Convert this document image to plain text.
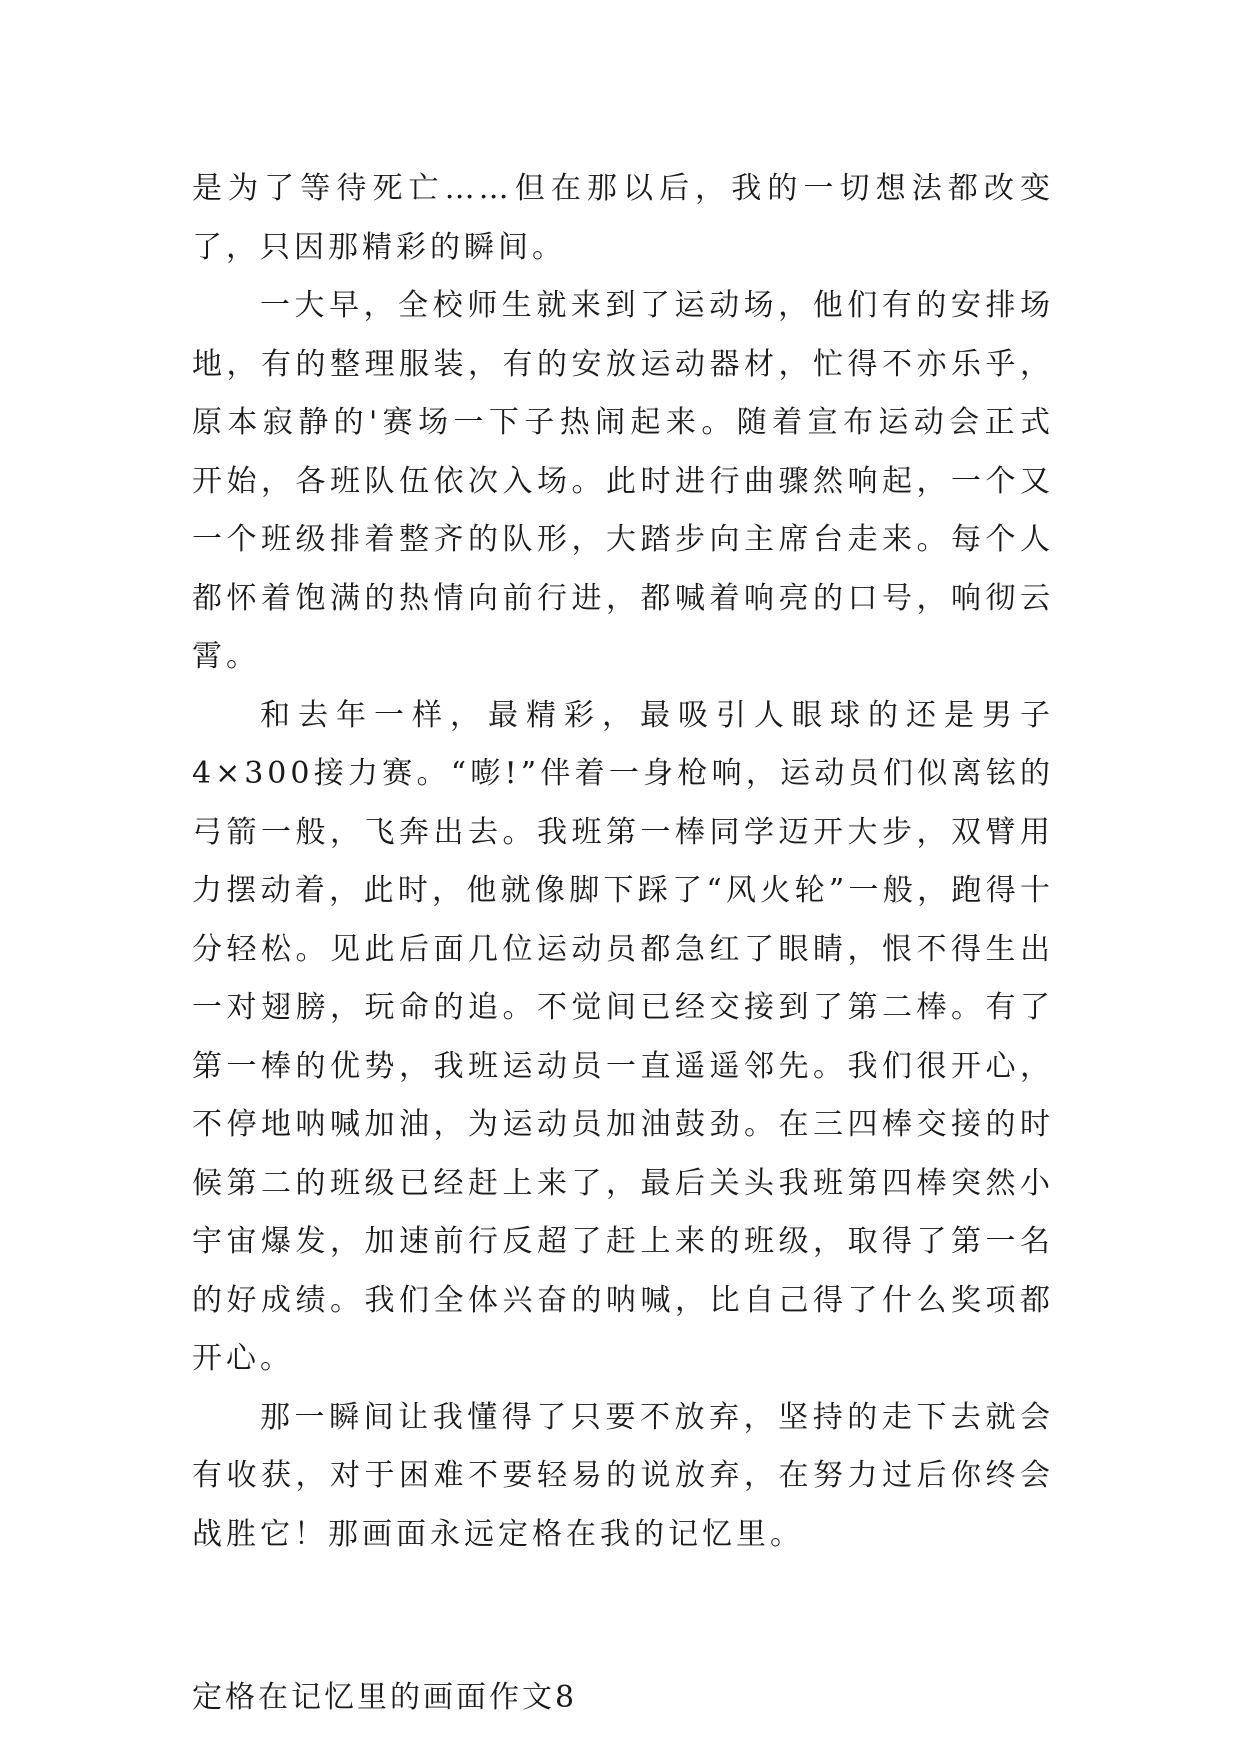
是为了等待死亡……但在那以后，我的一切想法都改变了，只因那精彩的瞬间。

一大早，全校师生就来到了运动场，他们有的安排场地，有的整理服装，有的安放运动器材，忙得不亦乐乎，原本寂静的'赛场一下子热闹起来。随着宣布运动会正式开始，各班队伍依次入场。此时进行曲骤然响起，一个又一个班级排着整齐的队形，大踏步向主席台走来。每个人都怀着饱满的热情向前行进，都喊着响亮的口号，响彻云霄。

和去年一样，最精彩，最吸引人眼球的还是男子4×300接力赛。“嘭!”伴着一身枪响，运动员们似离铉的弓箭一般，飞奔出去。我班第一棒同学迈开大步，双臂用力摆动着，此时，他就像脚下踩了“风火轮”一般，跑得十分轻松。见此后面几位运动员都急红了眼睛，恨不得生出一对翅膀，玩命的追。不觉间已经交接到了第二棒。有了第一棒的优势，我班运动员一直遥遥邻先。我们很开心，不停地呐喊加油，为运动员加油鼓劲。在三四棒交接的时候第二的班级已经赶上来了，最后关头我班第四棒突然小宇宙爆发，加速前行反超了赶上来的班级，取得了第一名的好成绩。我们全体兴奋的呐喊，比自己得了什么奖项都开心。

那一瞬间让我懂得了只要不放弃，坚持的走下去就会有收获，对于困难不要轻易的说放弃，在努力过后你终会战胜它！那画面永远定格在我的记忆里。

定格在记忆里的画面作文8
